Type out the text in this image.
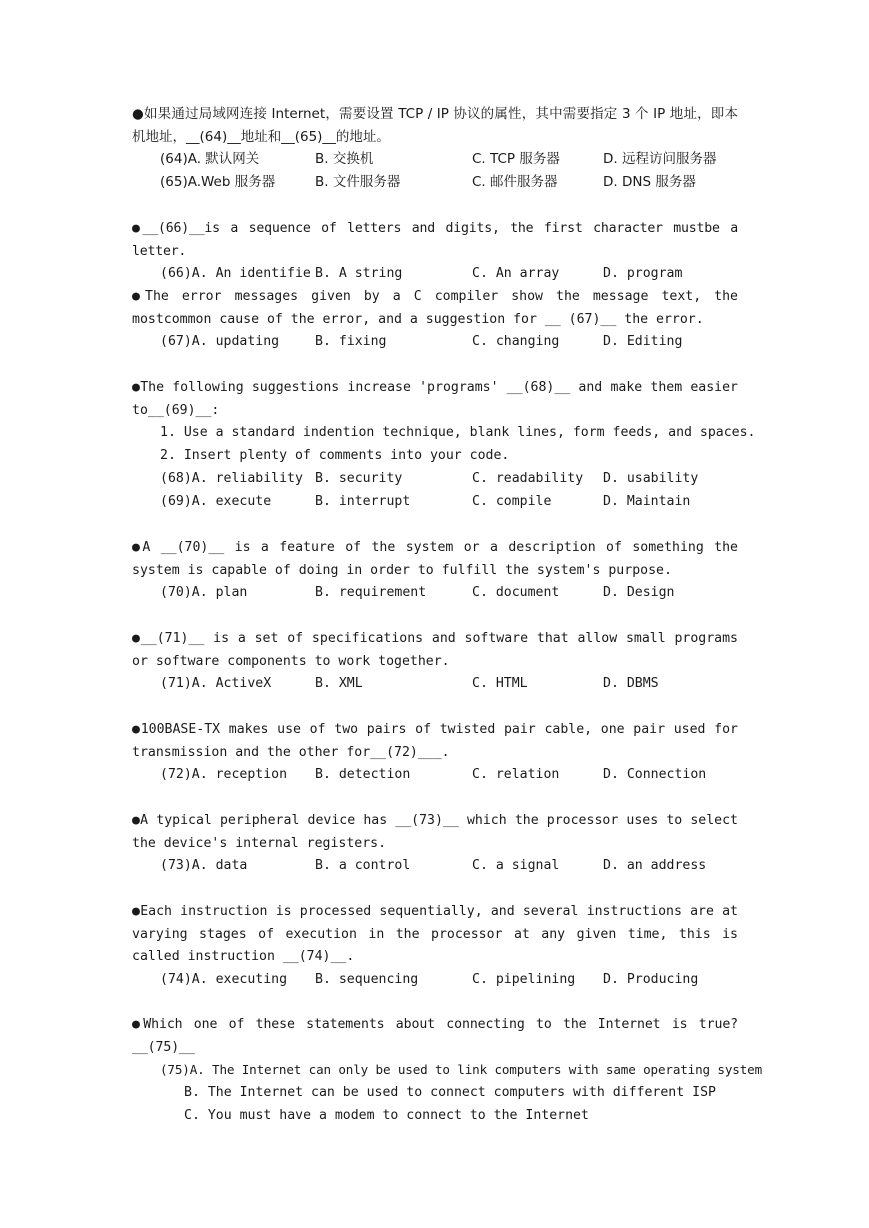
●如果通过局域网连接 Internet，需要设置 TCP / IP 协议的属性，其中需要指定 3 个 IP 地址，即本机地址，__(64)__地址和__(65)__的地址。

(64)A. 默认网关

	B. 交换机

	C. TCP 服务器

	D. 远程访问服务器

(65)A.Web 服务器

	B. 文件服务器

	C. 邮件服务器

	D. DNS 服务器

●__(66)__is a sequence of letters and digits, the first character mustbe a letter.

(66)A. An identifie

B. A string

	C. An array

	D. program

●The error messages given by a C compiler show the message text, the mostcommon cause of the error, and a suggestion for __ (67)__ the error.

(67)A. updating

	B. fixing

	C. changing

	D. Editing

●The following suggestions increase 'programs' __(68)__ and make them easier to__(69)__:
1. Use a standard indention technique, blank lines, form feeds, and spaces.
2. Insert plenty of comments into your code.

(68)A. reliability

B. security

	C. readability

D. usability

(69)A. execute

	B. interrupt

	C. compile

	D. Maintain

●A __(70)__ is a feature of the system or a description of something the system is capable of doing in order to fulfill the system's purpose.

(70)A. plan

	B. requirement

	C. document

	D. Design

●__(71)__ is a set of specifications and software that allow small programs or software components to work together.

(71)A. ActiveX

	B. XML

	C. HTML

	D. DBMS

●100BASE-TX makes use of two pairs of twisted pair cable, one pair used for transmission and the other for__(72)___.

(72)A. reception

B. detection

	C. relation

	D. Connection

●A typical peripheral device has __(73)__ which the processor uses to select the device's internal registers.

(73)A. data

	B. a control

	C. a signal

	D. an address

●Each instruction is processed sequentially, and several instructions are at varying stages of execution in the processor at any given time, this is called instruction __(74)__.

(74)A. executing

B. sequencing

	C. pipelining

D. Producing

●Which one of these statements about connecting to the Internet is true? __(75)__
(75)A. The Internet can only be used to link computers with same operating system
B. The Internet can be used to connect computers with different ISP
C. You must have a modem to connect to the Internet
